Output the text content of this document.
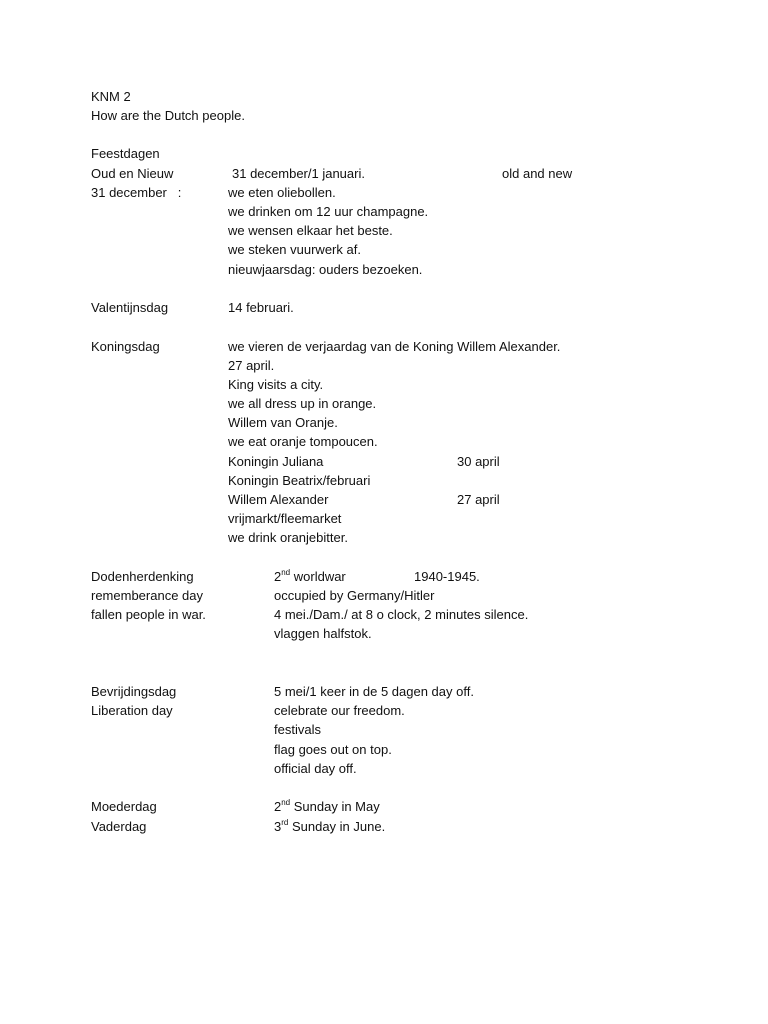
KNM 2
How are the Dutch people.
Feestdagen
Oud en Nieuw	31 december/1 januari.	old and new
31 december   :	we eten oliebollen.
we drinken om 12 uur champagne.
we wensen elkaar het beste.
we steken vuurwerk af.
nieuwjaarsdag: ouders bezoeken.
Valentijnsdag	14 februari.
Koningsdag	we vieren de verjaardag van de Koning Willem Alexander.
27 april.
King visits a city.
we all dress up in orange.
Willem van Oranje.
we eat oranje tompoucen.
Koningin Juliana	30 april
Koningin Beatrix/februari
Willem Alexander	27 april
vrijmarkt/fleemarket
we drink oranjebitter.
Dodenherdenking	2nd worldwar	1940-1945.
rememberance day	occupied by Germany/Hitler
fallen people in war.	4 mei./Dam./ at 8 o clock, 2 minutes silence.
vlaggen halfstok.
Bevrijdingsdag	5 mei/1 keer in de 5 dagen day off.
Liberation day	celebrate our freedom.
festivals
flag goes out on top.
official day off.
Moederdag	2nd Sunday in May
Vaderdag	3rd Sunday in June.
